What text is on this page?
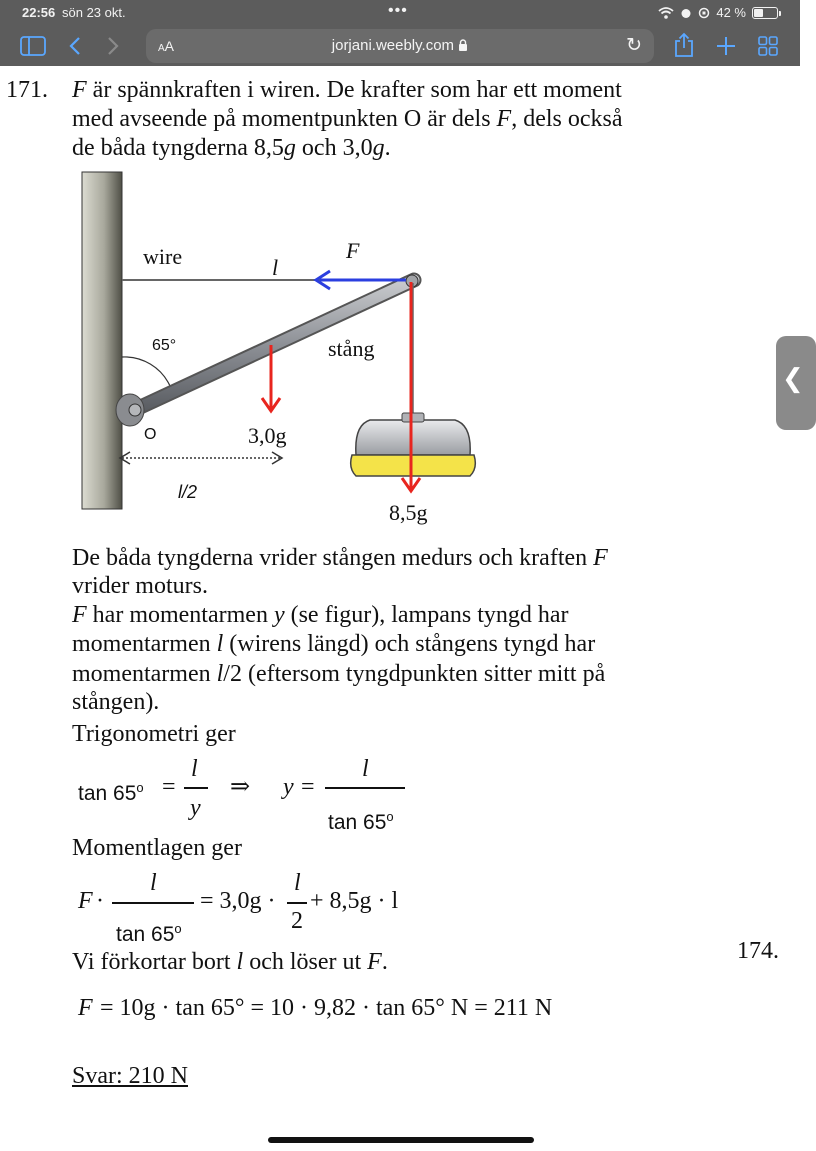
22:56 sön 23 okt.	•••	42 %
AA	jorjani.weebly.com	↻
171. F är spännkraften i wiren. De krafter som har ett moment
med avseende på momentpunkten O är dels F, dels också
de båda tyngderna 8,5g och 3,0g.
wire	l
F
65°	stång
O	3,0g
l/2
8,5g
De båda tyngderna vrider stången medurs och kraften F
vrider moturs.
F har momentarmen y (se figur), lampans tyngd har
momentarmen l (wirens längd) och stångens tyngd har
momentarmen l/2 (eftersom tyngdpunkten sitter mitt på
stången).
Trigonometri ger
$\tan 65^o$ =
l
y
⇒ y =
l
tan 65$^o$
Momentlagen ger
F ·
l
$\tan 65^o$
= 3,0g ·
l
2
+ 8,5g · l
Vi förkortar bort l och löser ut F.
F = 10g · tan 65° = 10 · 9,82 · tan 65° N = 211 N
Svar: 210 N
174.
❮
